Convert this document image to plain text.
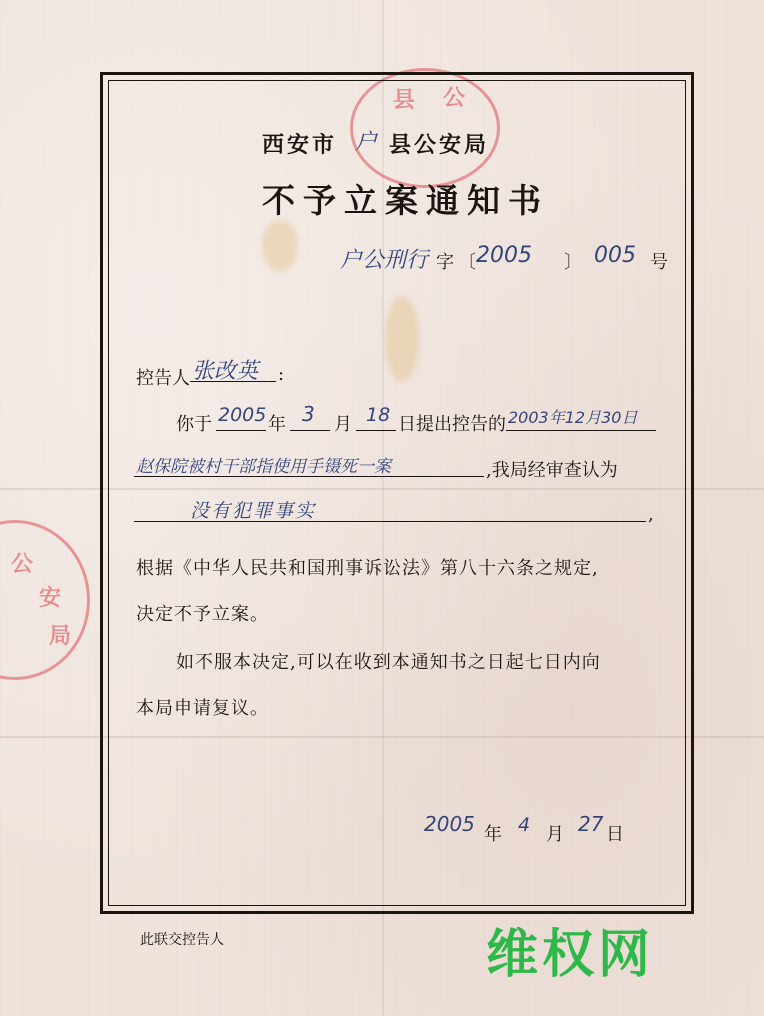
县 公
公
安
局
西安市 县公安局
户
不予立案通知书
户公刑行 字 〔 2005 〕 005 号
控告人 张改英 :
你于 2005 年 3 月 18 日提出控告的 2003年12月30日
赵保院被村干部指使用手镊死一案	,我局经审查认为
没有犯罪事实	,
根据《中华人民共和国刑事诉讼法》第八十六条之规定,
决定不予立案。
如不服本决定,可以在收到本通知书之日起七日内向
本局申请复议。
2005 年 4 月 27 日
此联交控告人	维权网
